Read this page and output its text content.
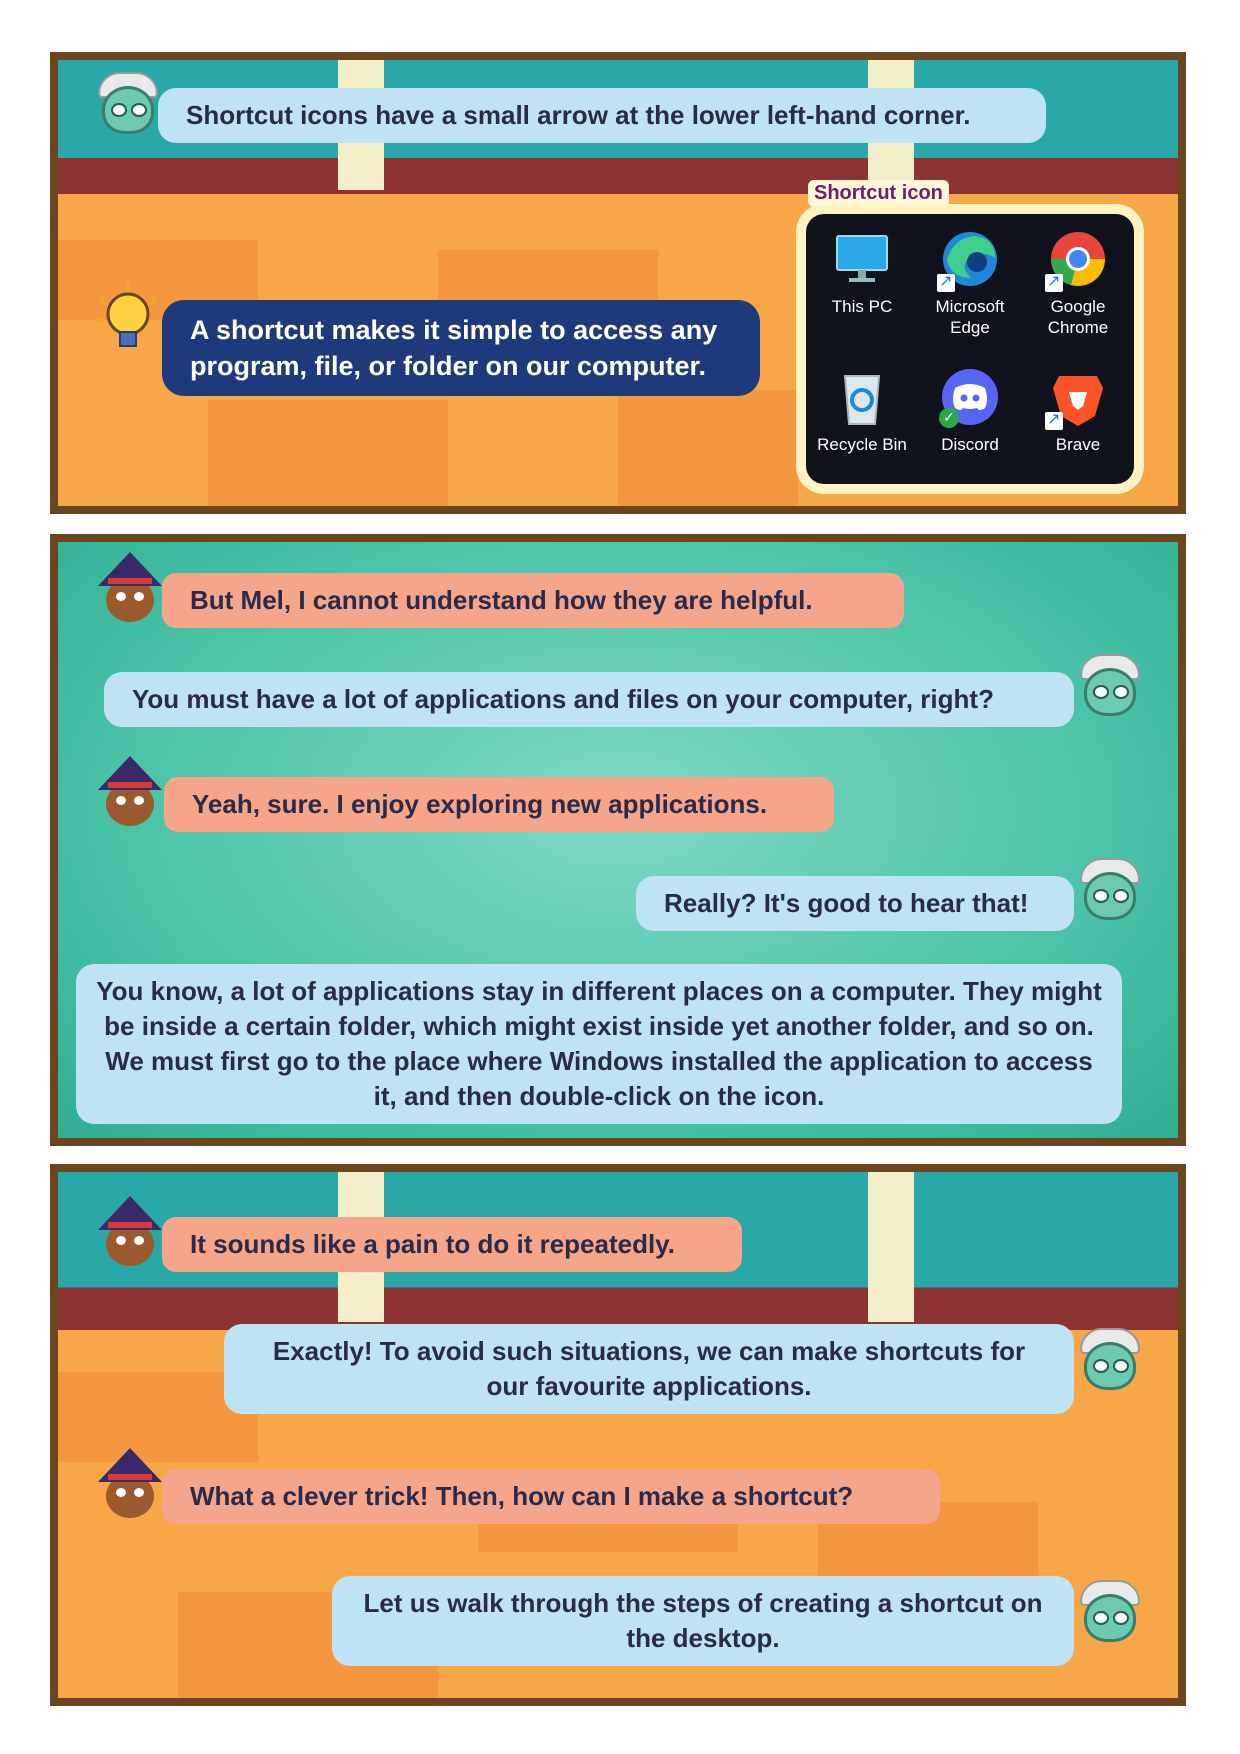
Shortcut icons have a small arrow at the lower left-hand corner.
A shortcut makes it simple to access any program, file, or folder on our computer.
Shortcut icon
This PC
↗	Microsoft
Edge
↗
Google
Chrome
Recycle Bin
✓
Discord
↗	Brave
But Mel, I cannot understand how they are helpful.
You must have a lot of applications and files on your computer, right?
Yeah, sure. I enjoy exploring new applications.
Really? It's good to hear that!
You know, a lot of applications stay in different places on a computer. They might be inside a certain folder, which might exist inside yet another folder, and so on. We must first go to the place where Windows installed the application to access it, and then double-click on the icon.
It sounds like a pain to do it repeatedly.
Exactly! To avoid such situations, we can make shortcuts for our favourite applications.
What a clever trick! Then, how can I make a shortcut?
Let us walk through the steps of creating a shortcut on the desktop.
